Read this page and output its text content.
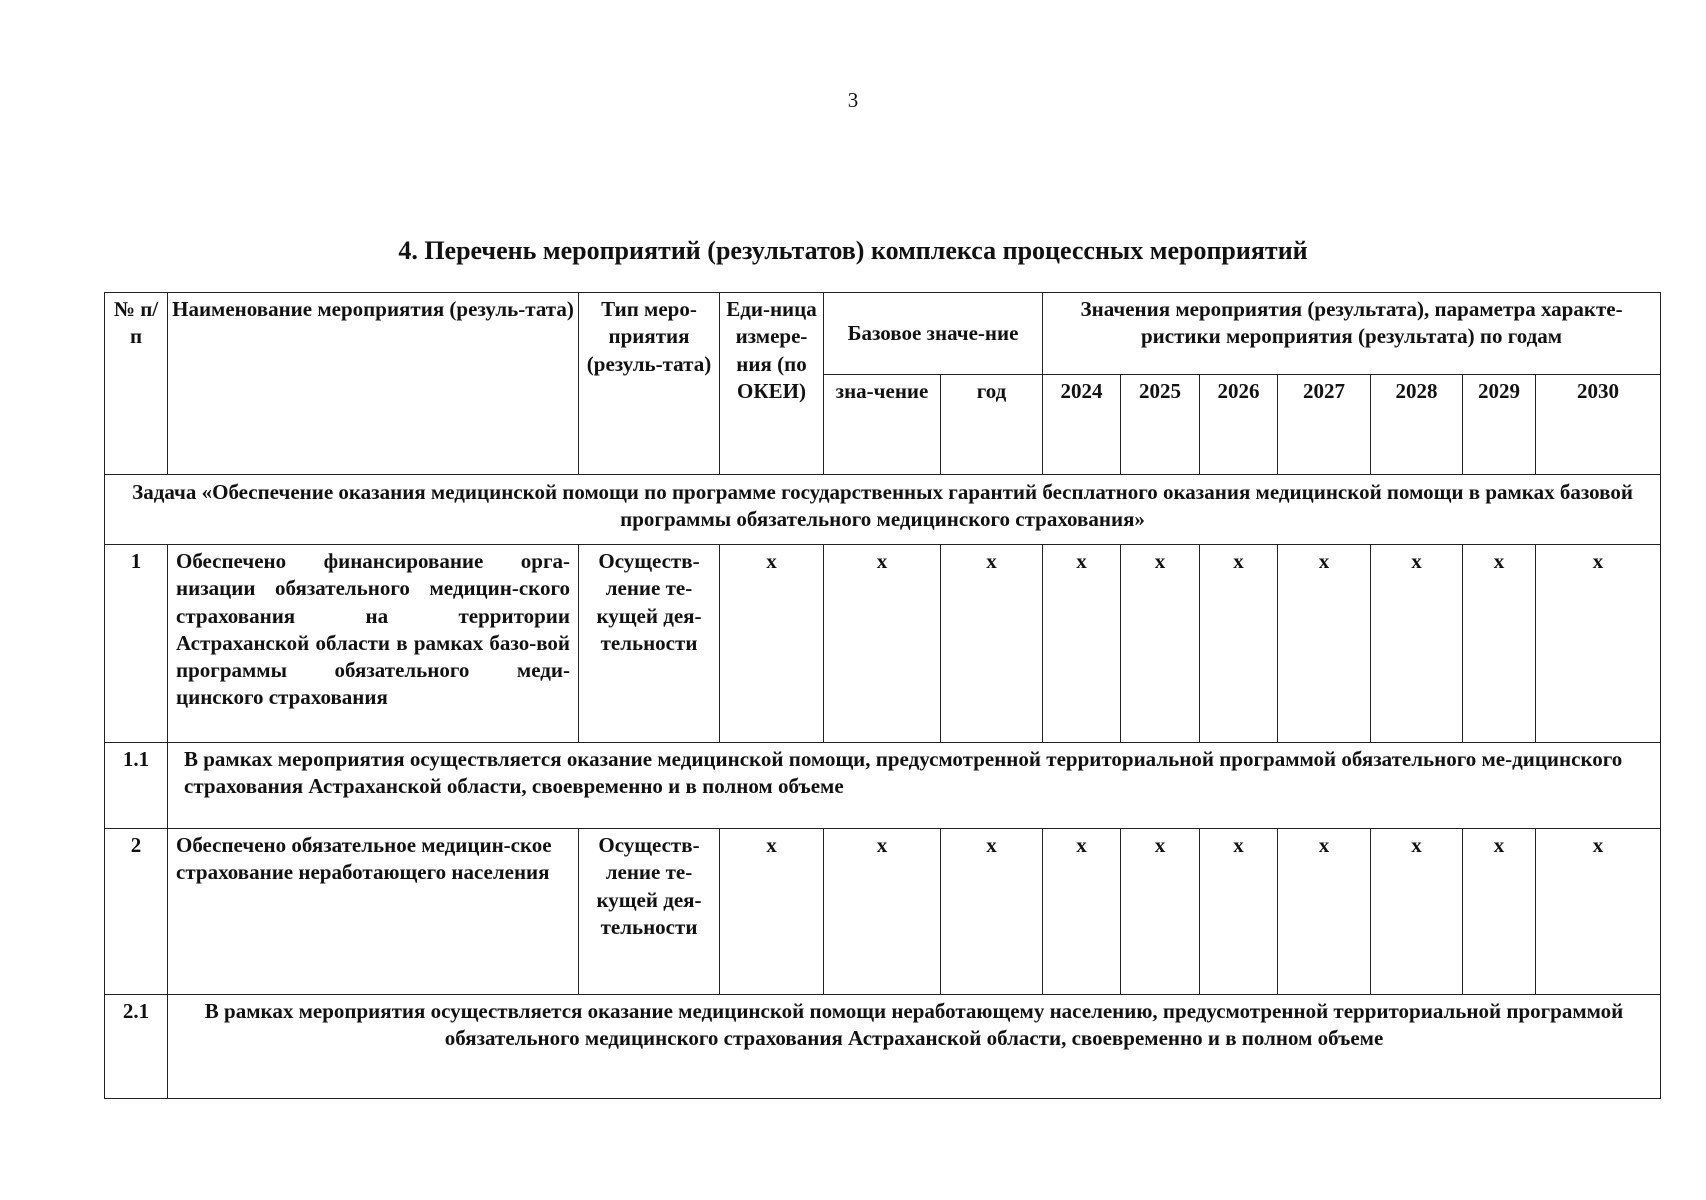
3
4. Перечень мероприятий (результатов) комплекса процессных мероприятий
№ п/п	Наименование мероприятия (резуль-тата)	Тип меро-приятия (резуль-тата)	Еди-ница измере-ния (по ОКЕИ)	Базовое значе-ние		Значения мероприятия (результата), параметра характе-ристики мероприятия (результата) по годам						
				зна-чение	год	2024	2025	2026	2027	2028	2029	2030
Задача «Обеспечение оказания медицинской помощи по программе государственных гарантий бесплатного оказания медицинской помощи в рамках базовой программы обязательного медицинского страхования»												
1	Обеспечено финансирование орга-низации обязательного медицин-ского страхования на территории Астраханской области в рамках базо-вой программы обязательного меди-цинского страхования	Осуществ-ление те-кущей дея-тельности	х	х	х	х	х	х	х	х	х	х
1.1	В рамках мероприятия осуществляется оказание медицинской помощи, предусмотренной территориальной программой обязательного ме-дицинского страхования Астраханской области, своевременно и в полном объеме											
2	Обеспечено обязательное медицин-ское страхование неработающего населения	Осуществ-ление те-кущей дея-тельности	х	х	х	х	х	х	х	х	х	х
2.1	В рамках мероприятия осуществляется оказание медицинской помощи неработающему населению, предусмотренной территориальной программой обязательного медицинского страхования Астраханской области, своевременно и в полном объеме											
